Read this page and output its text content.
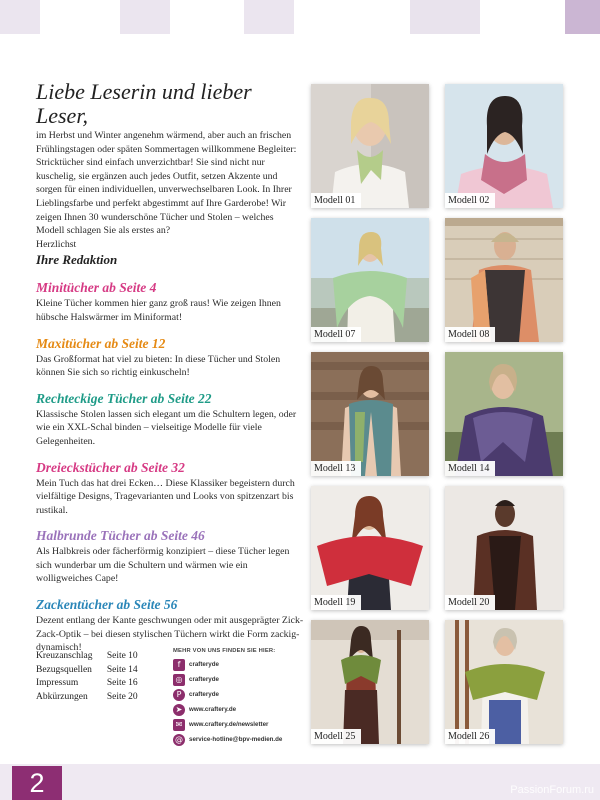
Liebe Leserin und lieber Leser,
im Herbst und Winter angenehm wärmend, aber auch an frischen Frühlingstagen oder späten Sommertagen willkommene Begleiter: Stricktücher sind einfach unverzichtbar! Sie sind nicht nur kuschelig, sie ergänzen auch jedes Outfit, setzen Akzente und sorgen für einen individuellen, unverwechselbaren Look. In Ihrer Lieblingsfarbe und perfekt abgestimmt auf Ihre Garderobe! Wir zeigen Ihnen 30 wunderschöne Tücher und Stolen – welches Modell schlagen Sie als erstes an?
Herzlichst
Ihre Redaktion
Minitücher ab Seite 4
Kleine Tücher kommen hier ganz groß raus! Wie zeigen Ihnen hübsche Halswärmer im Miniformat!
Maxitücher ab Seite 12
Das Großformat hat viel zu bieten: In diese Tücher und Stolen können Sie sich so richtig einkuscheln!
Rechteckige Tücher ab Seite 22
Klassische Stolen lassen sich elegant um die Schultern legen, oder wie ein XXL-Schal binden – vielseitige Modelle für viele Gelegenheiten.
Dreieckstücher ab Seite 32
Mein Tuch das hat drei Ecken… Diese Klassiker begeistern durch vielfältige Designs, Tragevarianten und Looks von spitzenzart bis rustikal.
Halbrunde Tücher ab Seite 46
Als Halbkreis oder fächerförmig konzipiert – diese Tücher legen sich wunderbar um die Schultern und wärmen wie ein wolligweiches Cape!
Zackentücher ab Seite 56
Dezent entlang der Kante geschwungen oder mit ausgeprägter Zick-Zack-Optik – bei diesen stylischen Tüchern wirkt die Form zackig-dynamisch!
Kreuzanschlag	Seite 10
Bezugsquellen	Seite 14
Impressum	Seite 16
Abkürzungen	Seite 20
MEHR VON UNS FINDEN SIE HIER:
f	crafteryde
◎	crafteryde
P	crafteryde
➤	www.craftery.de
✉	www.craftery.de/newsletter
@ service-hotline@bpv-medien.de
Modell 01	Modell 02
Modell 07	Modell 08
Modell 13	Modell 14
Modell 19	Modell 20
Modell 25	Modell 26
2	PassionForum.ru
